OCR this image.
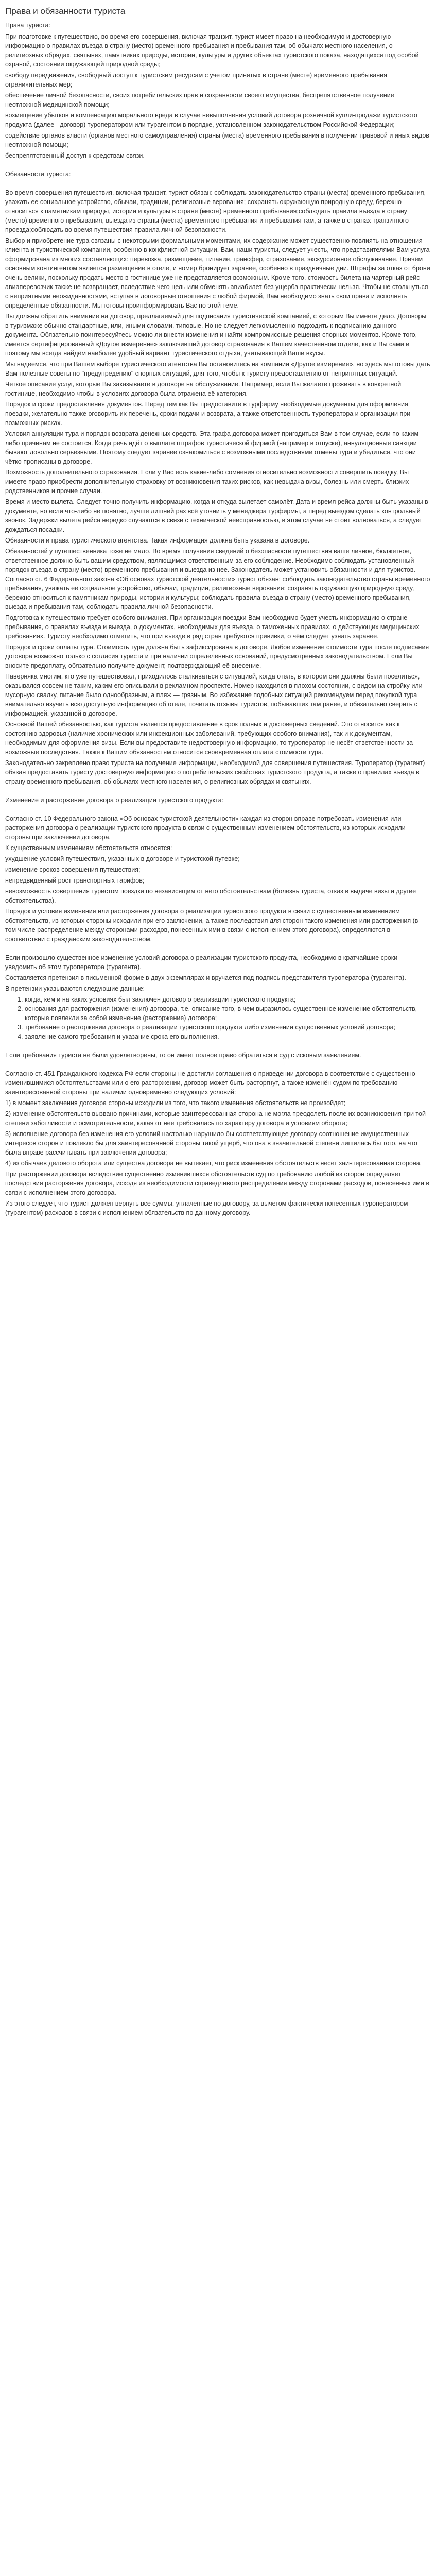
Права и обязанности туриста
Права туриста:

При подготовке к путешествию, во время его совершения, включая транзит, турист имеет право на необходимую и достоверную информацию о правилах въезда в страну (место) временного пребывания и пребывания там, об обычаях местного населения, о религиозных обрядах, святынях, памятниках природы, истории, культуры и других объектах туристского показа, находящихся под особой охраной, состоянии окружающей природной среды;

свободу передвижения, свободный доступ к туристским ресурсам с учетом принятых в стране (месте) временного пребывания ограничительных мер;

обеспечение личной безопасности, своих потребительских прав и сохранности своего имущества, беспрепятственное получение неотложной медицинской помощи;

возмещение убытков и компенсацию морального вреда в случае невыполнения условий договора розничной купли-продажи туристского продукта (далее - договор) туроператором или турагентом в порядке, установленном законодательством Российской Федерации;

содействие органов власти (органов местного самоуправления) страны (места) временного пребывания в получении правовой и иных видов неотложной помощи;

беспрепятственный доступ к средствам связи.

Обязанности туриста:

Во время совершения путешествия, включая транзит, турист обязан: соблюдать законодательство страны (места) временного пребывания, уважать ее социальное устройство, обычаи, традиции, религиозные верования; сохранять окружающую природную среду, бережно относиться к памятникам природы, истории и культуры в стране (месте) временного пребывания;соблюдать правила въезда в страну (место) временного пребывания, выезда из страны (места) временного пребывания и пребывания там, а также в странах транзитного проезда;соблюдать во время путешествия правила личной безопасности.

Выбор и приобретение тура связаны с некоторыми формальными моментами, их содержание может существенно повлиять на отношения клиента и туристической компании, особенно в конфликтной ситуации. Вам, наши туристы, следует учесть, что представителями Вам услуга сформирована из многих составляющих: перевозка, размещение, питание, трансфер, страхование, экскурсионное обслуживание. Причём основным контингентом является размещение в отеле, и номер бронирует заранее, особенно в праздничные дни. Штрафы за отказ от брони очень велики, поскольку продать место в гостинице уже не представляется возможным. Кроме того, стоимость билета на чартерный рейс авиаперевозчик также не возвращает, вследствие чего цель или обменять авиабилет без ущерба практически нельзя. Чтобы не столкнуться с неприятными неожиданностями, вступая в договорные отношения с любой фирмой, Вам необходимо знать свои права и исполнять определённые обязанности. Мы готовы проинформировать Вас по этой теме.

Вы должны обратить внимание на договор, предлагаемый для подписания туристической компанией, с которым Вы имеете дело. Договоры в туризмаже обычно стандартные, или, иными словами, типовые. Но не следует легкомысленно подходить к подписанию данного документа. Обязательно поинтересуйтесь можно ли внести изменения и найти компромиссные решения спорных моментов. Кроме того, имеется сертифицированный «Другое измерение» заключивший договор страхования в Вашем качественном отделе, как и Вы сами и поэтому мы всегда найдём наиболее удобный вариант туристического отдыха, учитывающий Ваши вкусы.

Мы надеемся, что при Вашем выборе туристического агентства Вы остановитесь на компании «Другое измерение», но здесь мы готовы дать Вам полезные советы по "предупредению" спорных ситуаций, для того, чтобы к туристу предоставлению от непринятых ситуаций.

Четкое описание услуг, которые Вы заказываете в договоре на обслуживание. Например, если Вы желаете проживать в конкретной гостинице, необходимо чтобы в условиях договора была отражена её категория.

Порядок и сроки предоставления документов. Перед тем как Вы предоставите в турфирму необходимые документы для оформления поездки, желательно также оговорить их перечень, сроки подачи и возврата, а также ответственность туроператора и организации при возможных рисках.

Условия аннуляции тура и порядок возврата денежных средств. Эта графа договора может пригодиться Вам в том случае, если по каким-либо причинам не состоится. Когда речь идёт о выплате штрафов туристической фирмой (например в отпуске), аннуляционные санкции бывают довольно серьёзными. Поэтому следует заранее ознакомиться с возможными последствиями отмены тура и убедиться, что они чётко прописаны в договоре.

Возможность дополнительного страхования. Если у Вас есть какие-либо сомнения относительно возможности совершить поездку, Вы имеете право приобрести дополнительную страховку от возникновения таких рисков, как невыдача визы, болезнь или смерть близких родственников и прочие случаи.

Время и место вылета. Следует точно получить информацию, когда и откуда вылетает самолёт. Дата и время рейса должны быть указаны в документе, но если что-либо не понятно, лучше лишний раз всё уточнить у менеджера турфирмы, а перед выездом сделать контрольный звонок. Задержки вылета рейса нередко случаются в связи с технической неисправностью, в этом случае не стоит волноваться, а следует дождаться посадки.

Обязанности и права туристического агентства. Такая информация должна быть указана в договоре.

Обязанностей у путешественника тоже не мало. Во время получения сведений о безопасности путешествия ваше личное, бюджетное, ответственное должно быть вашим средством, являющимся ответственным за его соблюдение. Необходимо соблюдать установленный порядок въезда в страну (место) временного пребывания и выезда из нее. Законодатель может установить обязанности и для туристов. Согласно ст. 6 Федерального закона «Об основах туристской деятельности» турист обязан: соблюдать законодательство страны временного пребывания, уважать её социальное устройство, обычаи, традиции, религиозные верования; сохранять окружающую природную среду, бережно относиться к памятникам природы, истории и культуры; соблюдать правила въезда в страну (место) временного пребывания, выезда и пребывания там, соблюдать правила личной безопасности.

Подготовка к путешествию требует особого внимания. При организации поездки Вам необходимо будет учесть информацию о стране пребывания, о правилах въезда и выезда, о документах, необходимых для въезда, о таможенных правилах, о действующих медицинских требованиях. Туристу необходимо отметить, что при въезде в ряд стран требуются прививки, о чём следует узнать заранее.

Порядок и сроки оплаты тура. Стоимость тура должна быть зафиксирована в договоре. Любое изменение стоимости тура после подписания договора возможно только с согласия туриста и при наличии определённых оснований, предусмотренных законодательством. Если Вы вносите предоплату, обязательно получите документ, подтверждающий её внесение.

Наверняка многим, кто уже путешествовал, приходилось сталкиваться с ситуацией, когда отель, в котором они должны были поселиться, оказывался совсем не таким, каким его описывали в рекламном проспекте. Номер находился в плохом состоянии, с видом на стройку или мусорную свалку, питание было однообразным, а пляж — грязным. Во избежание подобных ситуаций рекомендуем перед покупкой тура внимательно изучить всю доступную информацию об отеле, почитать отзывы туристов, побывавших там ранее, и обязательно сверить с информацией, указанной в договоре.

Основной Вашей обязанностью, как туриста является предоставление в срок полных и достоверных сведений. Это относится как к состоянию здоровья (наличие хронических или инфекционных заболеваний, требующих особого внимания), так и к документам, необходимым для оформления визы. Если вы предоставите недостоверную информацию, то туроператор не несёт ответственности за возможные последствия. Также к Вашим обязанностям относится своевременная оплата стоимости тура.

Законодательно закреплено право туриста на получение информации, необходимой для совершения путешествия. Туроператор (турагент) обязан предоставить туристу достоверную информацию о потребительских свойствах туристского продукта, а также о правилах въезда в страну временного пребывания, об обычаях местного населения, о религиозных обрядах и святынях.

Изменение и расторжение договора о реализации туристского продукта:

Согласно ст. 10 Федерального закона «Об основах туристской деятельности» каждая из сторон вправе потребовать изменения или расторжения договора о реализации туристского продукта в связи с существенным изменением обстоятельств, из которых исходили стороны при заключении договора.

К существенным изменениям обстоятельств относятся:

ухудшение условий путешествия, указанных в договоре и туристской путевке;

изменение сроков совершения путешествия;

непредвиденный рост транспортных тарифов;

невозможность совершения туристом поездки по независящим от него обстоятельствам (болезнь туриста, отказ в выдаче визы и другие обстоятельства).

Порядок и условия изменения или расторжения договора о реализации туристского продукта в связи с существенным изменением обстоятельств, из которых стороны исходили при его заключении, а также последствия для сторон такого изменения или расторжения (в том числе распределение между сторонами расходов, понесенных ими в связи с исполнением этого договора), определяются в соответствии с гражданским законодательством.

Если произошло существенное изменение условий договора о реализации туристского продукта, необходимо в кратчайшие сроки уведомить об этом туроператора (турагента).

Составляется претензия в письменной форме в двух экземплярах и вручается под подпись представителя туроператора (турагента).

В претензии указываются следующие данные:

1. когда, кем и на каких условиях был заключен договор о реализации туристского продукта;
2. основания для расторжения (изменения) договора, т.е. описание того, в чем выразилось существенное изменение обстоятельств, которые повлекли за собой изменение (расторжение) договора;
3. требование о расторжении договора о реализации туристского продукта либо изменении существенных условий договора;
4. заявление самого требования и указание срока его выполнения.

Если требования туриста не были удовлетворены, то он имеет полное право обратиться в суд с исковым заявлением.

Согласно ст. 451 Гражданского кодекса РФ если стороны не достигли соглашения о приведении договора в соответствие с существенно изменившимися обстоятельствами или о его расторжении, договор может быть расторгнут, а также изменён судом по требованию заинтересованной стороны при наличии одновременно следующих условий:

1) в момент заключения договора стороны исходили из того, что такого изменения обстоятельств не произойдет;

2) изменение обстоятельств вызвано причинами, которые заинтересованная сторона не могла преодолеть после их возникновения при той степени заботливости и осмотрительности, какая от нее требовалась по характеру договора и условиям оборота;

3) исполнение договора без изменения его условий настолько нарушило бы соответствующее договору соотношение имущественных интересов сторон и повлекло бы для заинтересованной стороны такой ущерб, что она в значительной степени лишилась бы того, на что была вправе рассчитывать при заключении договора;

4) из обычаев делового оборота или существа договора не вытекает, что риск изменения обстоятельств несет заинтересованная сторона.

При расторжении договора вследствие существенно изменившихся обстоятельств суд по требованию любой из сторон определяет последствия расторжения договора, исходя из необходимости справедливого распределения между сторонами расходов, понесенных ими в связи с исполнением этого договора.

Из этого следует, что турист должен вернуть все суммы, уплаченные по договору, за вычетом фактически понесенных туроператором (турагентом) расходов в связи с исполнением обязательств по данному договору.
